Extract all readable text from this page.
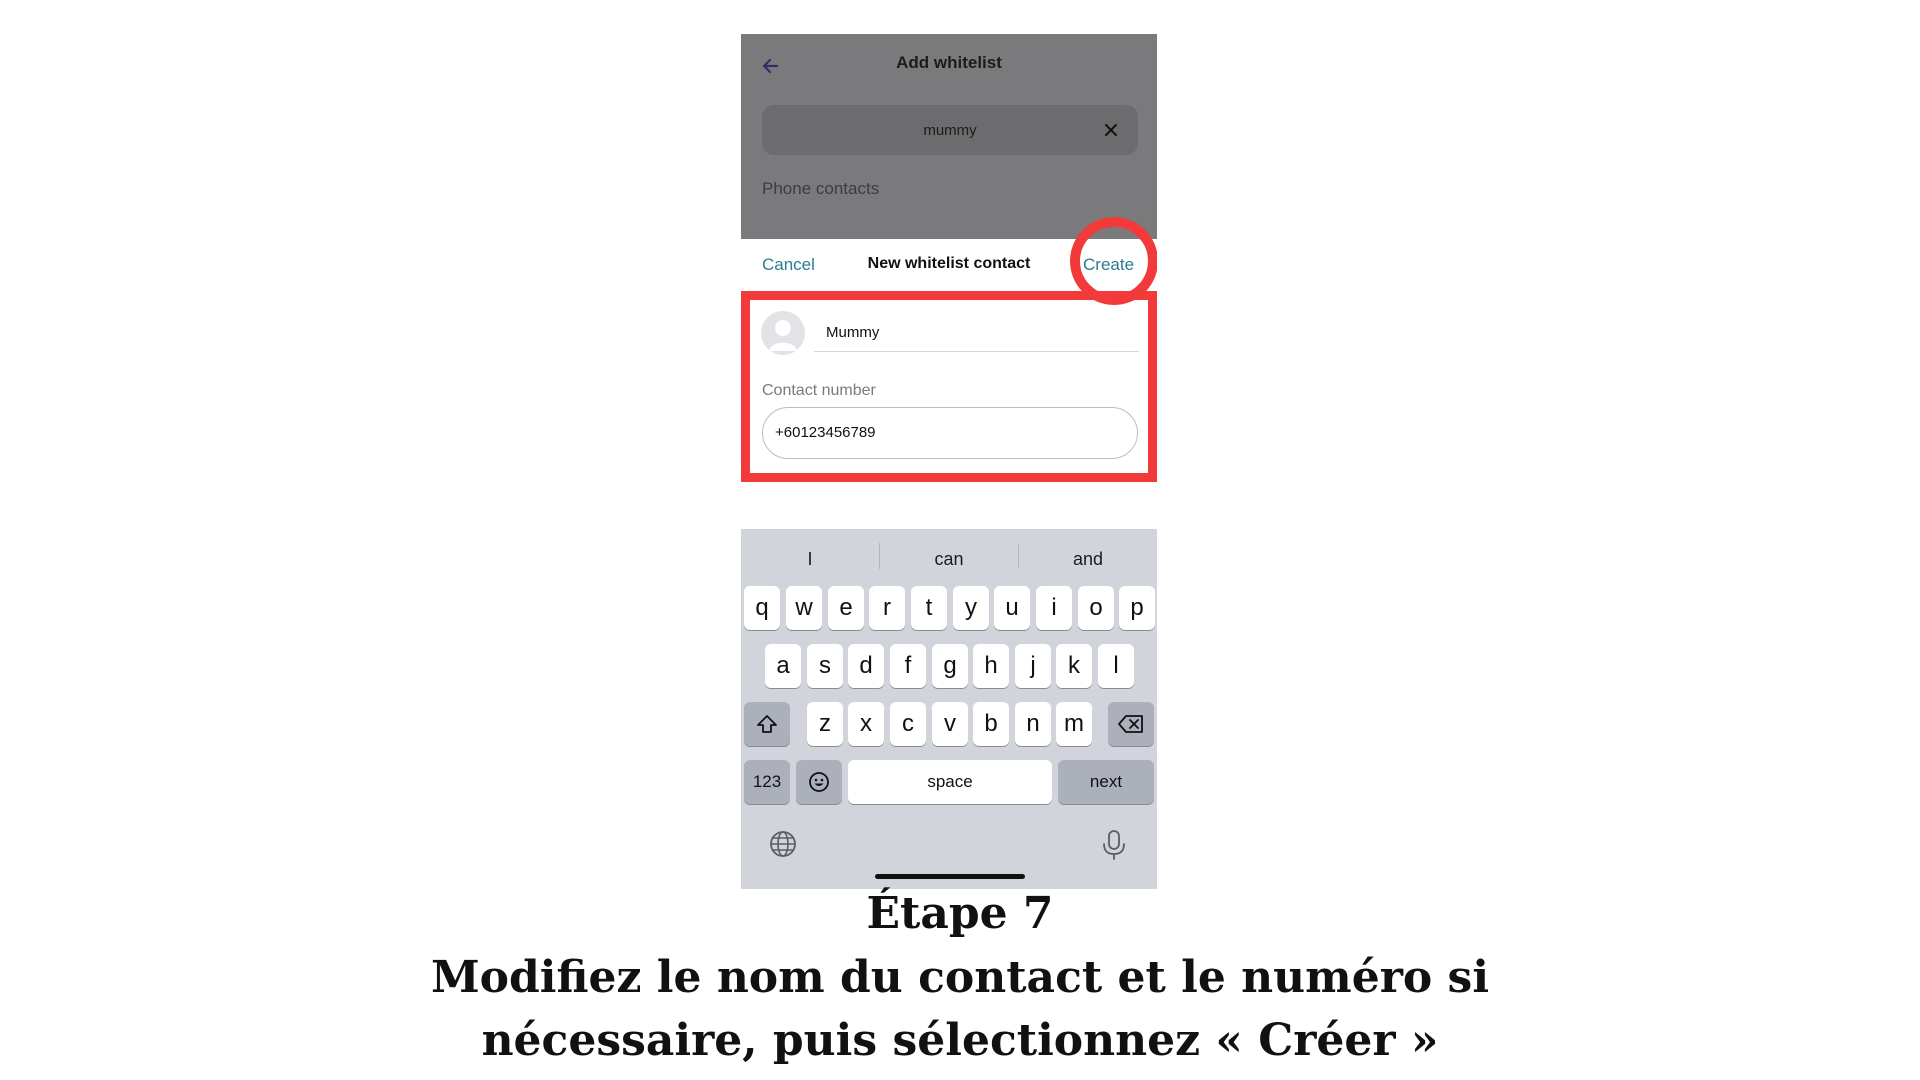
Add whitelist
mummy
Phone contacts
Cancel	New whitelist contact	Create
Mummy
Contact number
+60123456789
I	can	and
q	w	e	r	t	y	u	i	o	p
a	s	d	f	g	h	j	k	l
z	x	c	v	b	n	m
123	space	next
Étape 7
Modifiez le nom du contact et le numéro si
nécessaire, puis sélectionnez « Créer »
